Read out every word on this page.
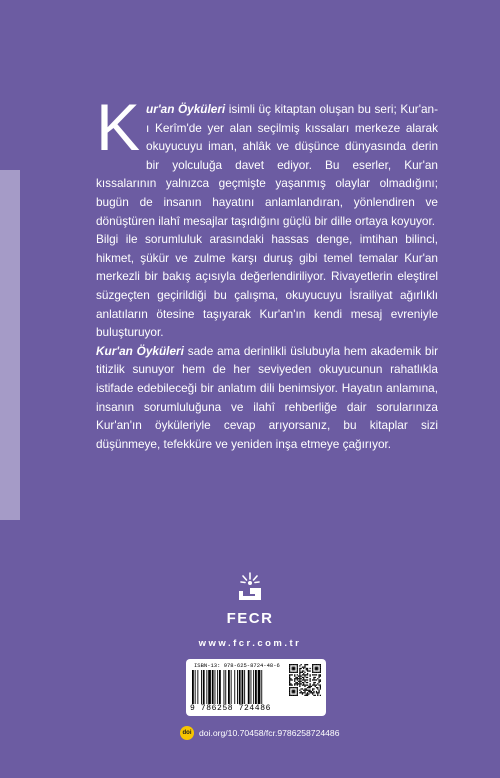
Kur'an Öyküleri isimli üç kitaptan oluşan bu seri; Kur'an-ı Kerîm'de yer alan seçilmiş kıssaları merkeze alarak okuyucuyu iman, ahlâk ve düşünce dünyasında derin bir yolculuğa davet ediyor. Bu eserler, Kur'an kıssalarının yalnızca geçmişte yaşanmış olaylar olmadığını; bugün de insanın hayatını anlamlandıran, yönlendiren ve dönüştüren ilahî mesajlar taşıdığını güçlü bir dille ortaya koyuyor.

Bilgi ile sorumluluk arasındaki hassas denge, imtihan bilinci, hikmet, şükür ve zulme karşı duruş gibi temel temalar Kur'an merkezli bir bakış açısıyla değerlendiriliyor. Rivayetlerin eleştirel süzgeçten geçirildiği bu çalışma, okuyucuyu İsrailiyat ağırlıklı anlatıların ötesine taşıyarak Kur'an'ın kendi mesaj evreniyle buluşturuyor.

Kur'an Öyküleri sade ama derinlikli üslubuyla hem akademik bir titizlik sunuyor hem de her seviyeden okuyucunun rahatlıkla istifade edebileceği bir anlatım dili benimsiyor. Hayatın anlamına, insanın sorumluluğuna ve ilahî rehberliğe dair sorularınıza Kur'an'ın öyküleriyle cevap arıyorsanız, bu kitaplar sizi düşünmeye, tefekküre ve yeniden inşa etmeye çağırıyor.

FECR
www.fcr.com.tr
ISBN-13: 978-625-8724-48-6
9 786258 724486
doi doi.org/10.70458/fcr.9786258724486
